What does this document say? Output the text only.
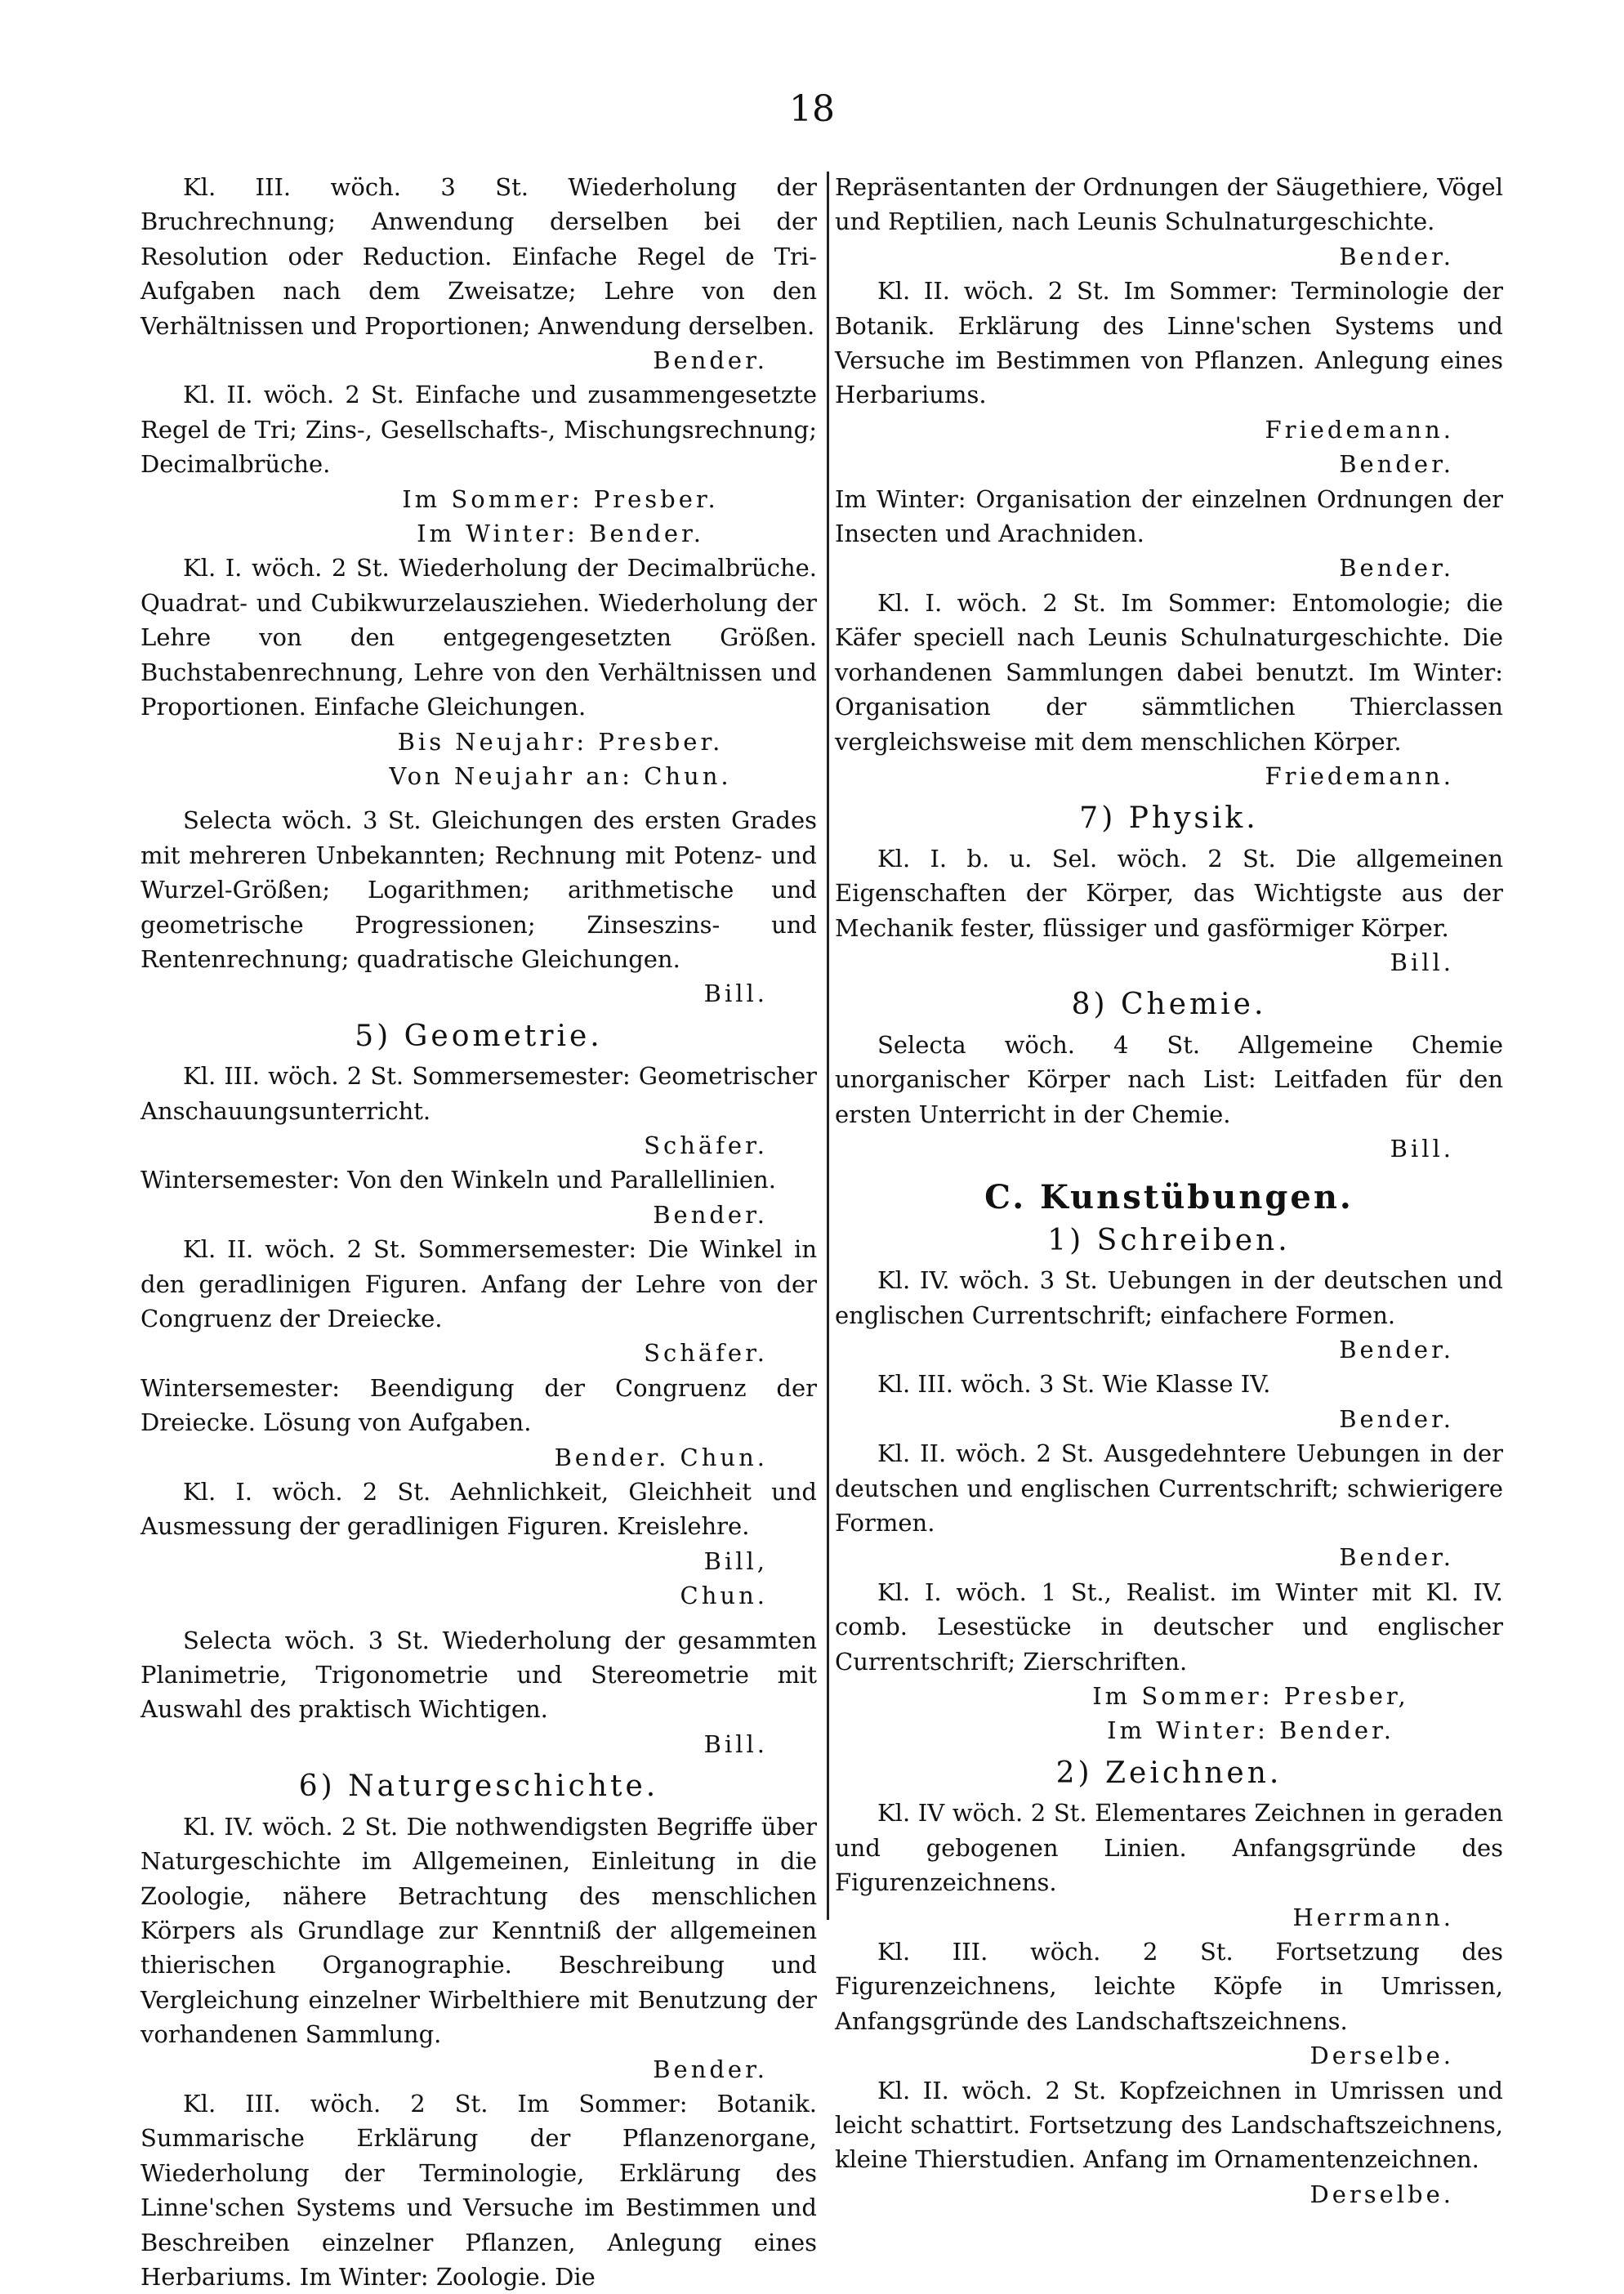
18

Kl. III. wöch. 3 St. Wiederholung der Bruchrechnung; Anwendung derselben bei der Resolution oder Reduction. Einfache Regel de Tri-Aufgaben nach dem Zweisatze; Lehre von den Verhältnissen und Proportionen; Anwendung derselben.

Bender.

Kl. II. wöch. 2 St. Einfache und zusammengesetzte Regel de Tri; Zins-, Gesellschafts-, Mischungsrechnung; Decimalbrüche.

Im Sommer: Presber.

Im Winter: Bender.

Kl. I. wöch. 2 St. Wiederholung der Decimalbrüche. Quadrat- und Cubikwurzelausziehen. Wiederholung der Lehre von den entgegengesetzten Größen. Buchstabenrechnung, Lehre von den Verhältnissen und Proportionen. Einfache Gleichungen.

Bis Neujahr: Presber.

Von Neujahr an: Chun.

Selecta wöch. 3 St. Gleichungen des ersten Grades mit mehreren Unbekannten; Rechnung mit Potenz- und Wurzel-Größen; Logarithmen; arithmetische und geometrische Progressionen; Zinseszins- und Rentenrechnung; quadratische Gleichungen.

Bill.

5) Geometrie.

Kl. III. wöch. 2 St. Sommersemester: Geometrischer Anschauungsunterricht.

Schäfer.

Wintersemester: Von den Winkeln und Parallellinien.

Bender.

Kl. II. wöch. 2 St. Sommersemester: Die Winkel in den geradlinigen Figuren. Anfang der Lehre von der Congruenz der Dreiecke.

Schäfer.

Wintersemester: Beendigung der Congruenz der Dreiecke. Lösung von Aufgaben.

Bender. Chun.

Kl. I. wöch. 2 St. Aehnlichkeit, Gleichheit und Ausmessung der geradlinigen Figuren. Kreislehre.

Bill,

Chun.

Selecta wöch. 3 St. Wiederholung der gesammten Planimetrie, Trigonometrie und Stereometrie mit Auswahl des praktisch Wichtigen.

Bill.

6) Naturgeschichte.

Kl. IV. wöch. 2 St. Die nothwendigsten Begriffe über Naturgeschichte im Allgemeinen, Einleitung in die Zoologie, nähere Betrachtung des menschlichen Körpers als Grundlage zur Kenntniß der allgemeinen thierischen Organographie. Beschreibung und Vergleichung einzelner Wirbelthiere mit Benutzung der vorhandenen Sammlung.

Bender.

Kl. III. wöch. 2 St. Im Sommer: Botanik. Summarische Erklärung der Pflanzenorgane, Wiederholung der Terminologie, Erklärung des Linne'schen Systems und Versuche im Bestimmen und Beschreiben einzelner Pflanzen, Anlegung eines Herbariums. Im Winter: Zoologie. Die

Repräsentanten der Ordnungen der Säugethiere, Vögel und Reptilien, nach Leunis Schulnaturgeschichte.

Bender.

Kl. II. wöch. 2 St. Im Sommer: Terminologie der Botanik. Erklärung des Linne'schen Systems und Versuche im Bestimmen von Pflanzen. Anlegung eines Herbariums.

Friedemann.

Bender.

Im Winter: Organisation der einzelnen Ordnungen der Insecten und Arachniden.

Bender.

Kl. I. wöch. 2 St. Im Sommer: Entomologie; die Käfer speciell nach Leunis Schulnaturgeschichte. Die vorhandenen Sammlungen dabei benutzt. Im Winter: Organisation der sämmtlichen Thierclassen vergleichsweise mit dem menschlichen Körper.

Friedemann.

7) Physik.

Kl. I. b. u. Sel. wöch. 2 St. Die allgemeinen Eigenschaften der Körper, das Wichtigste aus der Mechanik fester, flüssiger und gasförmiger Körper.

Bill.

8) Chemie.

Selecta wöch. 4 St. Allgemeine Chemie unorganischer Körper nach List: Leitfaden für den ersten Unterricht in der Chemie.

Bill.

C. Kunstübungen.

1) Schreiben.

Kl. IV. wöch. 3 St. Uebungen in der deutschen und englischen Currentschrift; einfachere Formen.

Bender.

Kl. III. wöch. 3 St. Wie Klasse IV.

Bender.

Kl. II. wöch. 2 St. Ausgedehntere Uebungen in der deutschen und englischen Currentschrift; schwierigere Formen.

Bender.

Kl. I. wöch. 1 St., Realist. im Winter mit Kl. IV. comb. Lesestücke in deutscher und englischer Currentschrift; Zierschriften.

Im Sommer: Presber,

Im Winter: Bender.

2) Zeichnen.

Kl. IV wöch. 2 St. Elementares Zeichnen in geraden und gebogenen Linien. Anfangsgründe des Figurenzeichnens.

Herrmann.

Kl. III. wöch. 2 St. Fortsetzung des Figurenzeichnens, leichte Köpfe in Umrissen, Anfangsgründe des Landschaftszeichnens.

Derselbe.

Kl. II. wöch. 2 St. Kopfzeichnen in Umrissen und leicht schattirt. Fortsetzung des Landschaftszeichnens, kleine Thierstudien. Anfang im Ornamentenzeichnen.

Derselbe.
